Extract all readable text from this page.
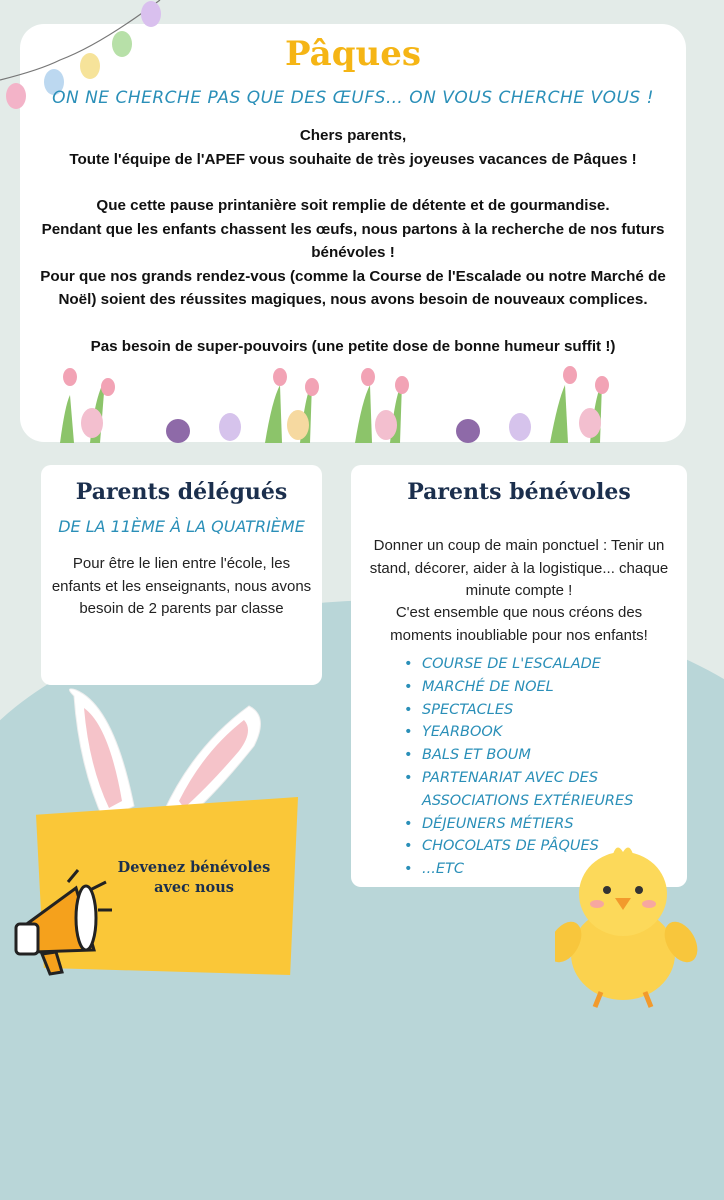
Pâques
ON NE CHERCHE PAS QUE DES ŒUFS… ON VOUS CHERCHE VOUS !

Chers parents,

Toute l'équipe de l'APEF vous souhaite de très joyeuses vacances de Pâques !

Que cette pause printanière soit remplie de détente et de gourmandise.

Pendant que les enfants chassent les œufs, nous partons à la recherche de nos futurs bénévoles !

Pour que nos grands rendez-vous (comme la Course de l'Escalade ou notre Marché de Noël) soient des réussites magiques, nous avons besoin de nouveaux complices.

Pas besoin de super-pouvoirs (une petite dose de bonne humeur suffit !)

Parents délégués
DE LA 11ÈME À LA QUATRIÈME
Pour être le lien entre l'école, les enfants et les enseignants, nous avons besoin de 2 parents par classe
Parents bénévoles
Donner un coup de main ponctuel : Tenir un stand, décorer, aider à la logistique... chaque minute compte !
C'est ensemble que nous créons des moments inoubliable pour nos enfants!
• COURSE DE L'ESCALADE
• MARCHÉ DE NOEL
• SPECTACLES
• YEARBOOK
• BALS ET BOUM
• PARTENARIAT AVEC DES ASSOCIATIONS EXTÉRIEURES
• DÉJEUNERS MÉTIERS
• CHOCOLATS DE PÂQUES
• ...ETC
Devenez bénévoles avec nous
